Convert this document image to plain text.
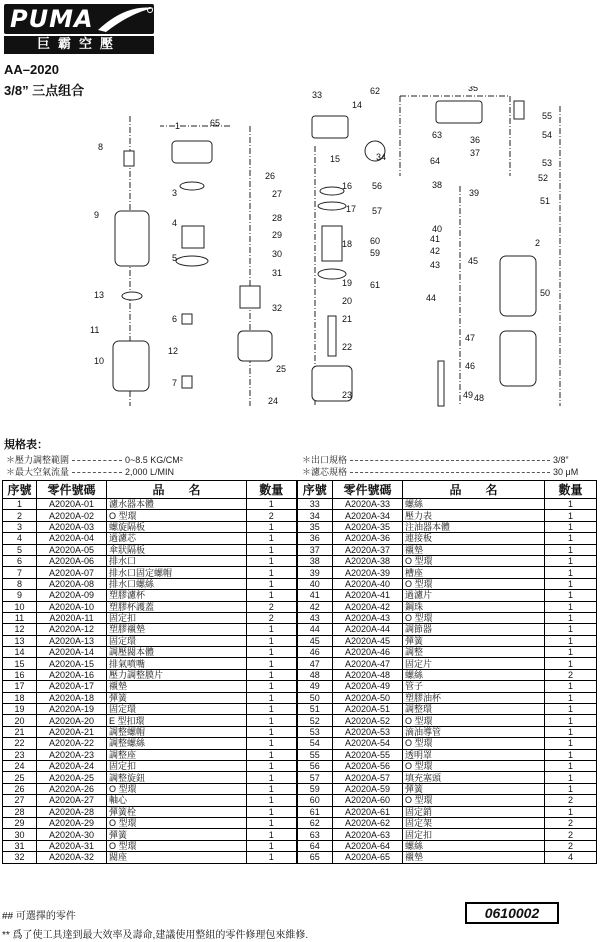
PUMA
巨霸空壓
AA–2020
3/8” 三点组合
1
2
3
4
5
6
7
8
9
10
11
12
13
14
15
16
17
18
19
20
21
22
23
24
25
26
27
28
29
30
31
32
33
34
35
36
37
38
39
40
41
42
43
44
45
46
47
48
49
50
51
52
53
54
55
56
57
59
60
61
62
63
64
65
規格表：
＊壓力調整範圍	0~8.5 KG/CM²
＊最大空氣流量	2,000 L/MIN
＊出口規格	3/8”
＊濾芯規格	30 μM
序號	零件號碼	品　　名	數量	序號	零件號碼	品　　名	數量
1	A2020A-01	濾水器本體	1	33	A2020A-33	螺絲	1
2	A2020A-02	O 型環	2	34	A2020A-34	壓力表	1
3	A2020A-03	螺旋隔板	1	35	A2020A-35	注油器本體	1
4	A2020A-04	過濾芯	1	36	A2020A-36	連接板	1
5	A2020A-05	傘狀隔板	1	37	A2020A-37	襯墊	1
6	A2020A-06	排水口	1	38	A2020A-38	O 型環	1
7	A2020A-07	排水口固定螺帽	1	39	A2020A-39	槽座	1
8	A2020A-08	排水口螺絲	1	40	A2020A-40	O 型環	1
9	A2020A-09	塑膠濾杯	1	41	A2020A-41	過濾片	1
10	A2020A-10	塑膠杯護蓋	2	42	A2020A-42	鋼珠	1
11	A2020A-11	固定扣	2	43	A2020A-43	O 型環	1
12	A2020A-12	塑膠襯墊	1	44	A2020A-44	調節器	1
13	A2020A-13	固定環	1	45	A2020A-45	彈簧	1
14	A2020A-14	調壓閥本體	1	46	A2020A-46	調整	1
15	A2020A-15	排氣噴嘴	1	47	A2020A-47	固定片	1
16	A2020A-16	壓力調整膜片	1	48	A2020A-48	螺絲	2
17	A2020A-17	襯墊	1	49	A2020A-49	管子	1
18	A2020A-18	彈簧	1	50	A2020A-50	塑膠油杯	1
19	A2020A-19	固定環	1	51	A2020A-51	調整環	1
20	A2020A-20	E 型扣環	1	52	A2020A-52	O 型環	1
21	A2020A-21	調整螺帽	1	53	A2020A-53	滴油導管	1
22	A2020A-22	調整螺絲	1	54	A2020A-54	O 型環	1
23	A2020A-23	調整座	1	55	A2020A-55	透明罩	1
24	A2020A-24	固定扣	1	56	A2020A-56	O 型環	1
25	A2020A-25	調整旋鈕	1	57	A2020A-57	填充塞頭	1
26	A2020A-26	O 型環	1	59	A2020A-59	彈簧	1
27	A2020A-27	軸心	1	60	A2020A-60	O 型環	2
28	A2020A-28	彈簧栓	1	61	A2020A-61	固定銷	1
29	A2020A-29	O 型環	1	62	A2020A-62	固定架	2
30	A2020A-30	彈簧	1	63	A2020A-63	固定扣	2
31	A2020A-31	O 型環	1	64	A2020A-64	螺絲	2
32	A2020A-32	閥座	1	65	A2020A-65	襯墊	4
## 可選擇的零件	0610002
** 爲了使工具達到最大效率及壽命,建議使用整組的零件修理包來維修.
